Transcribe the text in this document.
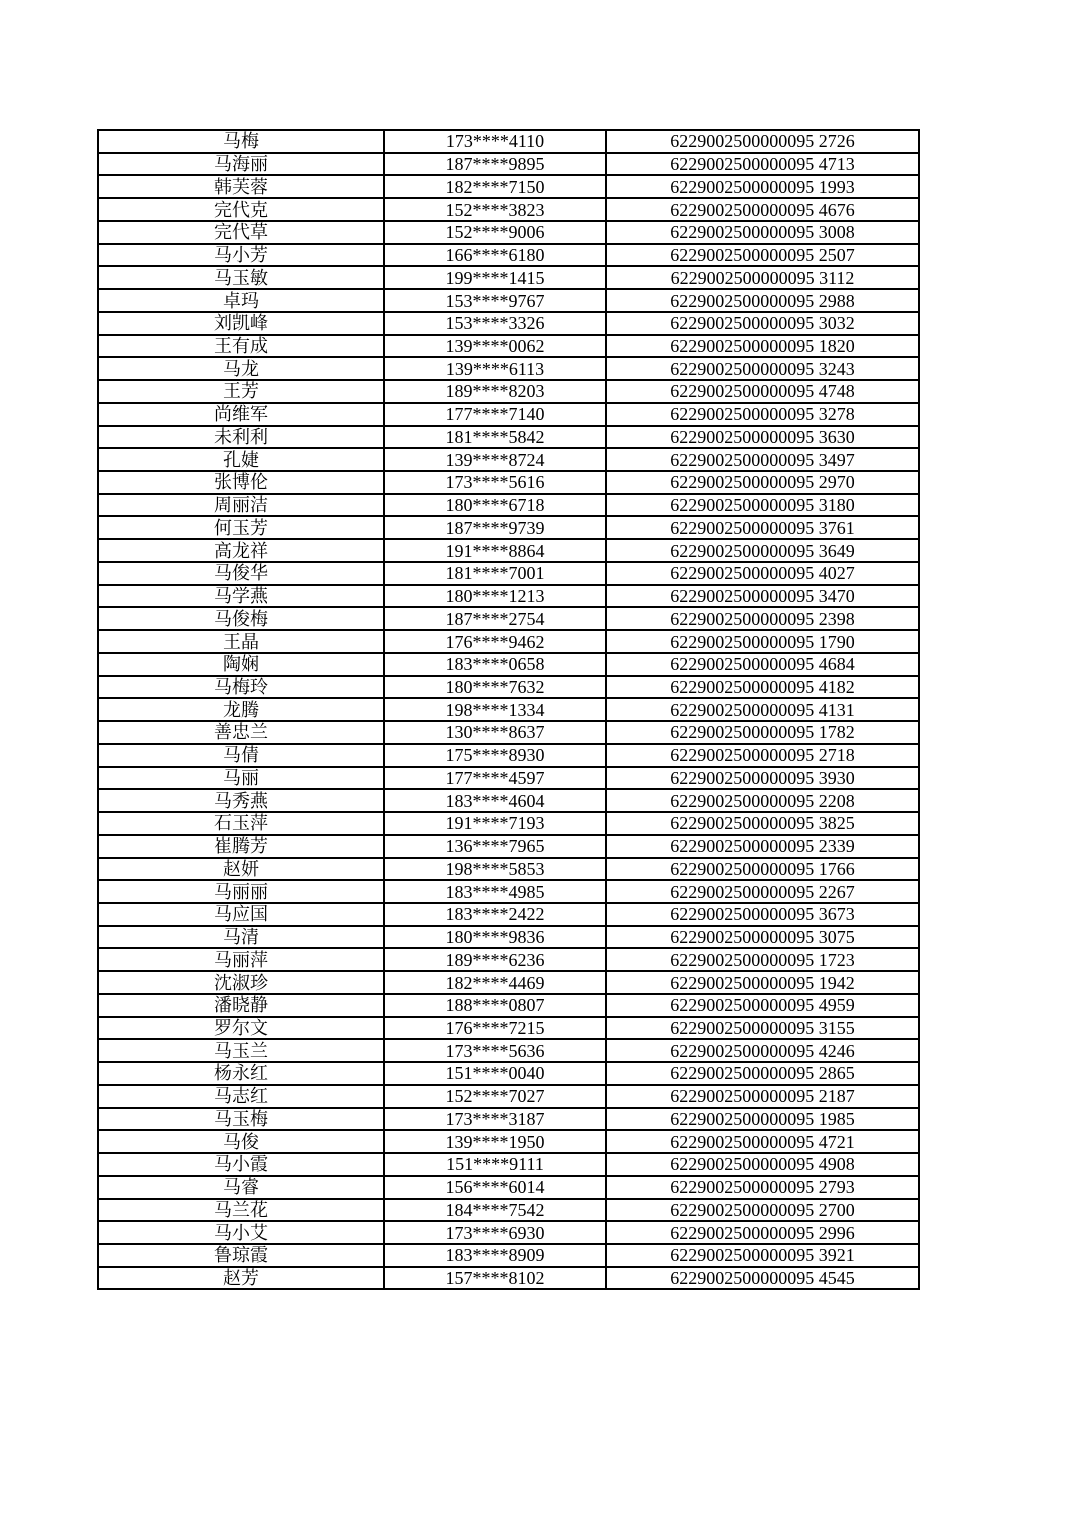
马梅	173****4110	6229002500000095 2726
马海丽	187****9895	6229002500000095 4713
韩芙蓉	182****7150	6229002500000095 1993
完代克	152****3823	6229002500000095 4676
完代草	152****9006	6229002500000095 3008
马小芳	166****6180	6229002500000095 2507
马玉敏	199****1415	6229002500000095 3112
卓玛	153****9767	6229002500000095 2988
刘凯峰	153****3326	6229002500000095 3032
王有成	139****0062	6229002500000095 1820
马龙	139****6113	6229002500000095 3243
王芳	189****8203	6229002500000095 4748
尚维军	177****7140	6229002500000095 3278
未利利	181****5842	6229002500000095 3630
孔婕	139****8724	6229002500000095 3497
张博伦	173****5616	6229002500000095 2970
周丽洁	180****6718	6229002500000095 3180
何玉芳	187****9739	6229002500000095 3761
高龙祥	191****8864	6229002500000095 3649
马俊华	181****7001	6229002500000095 4027
马学燕	180****1213	6229002500000095 3470
马俊梅	187****2754	6229002500000095 2398
王晶	176****9462	6229002500000095 1790
陶娴	183****0658	6229002500000095 4684
马梅玲	180****7632	6229002500000095 4182
龙腾	198****1334	6229002500000095 4131
善忠兰	130****8637	6229002500000095 1782
马倩	175****8930	6229002500000095 2718
马丽	177****4597	6229002500000095 3930
马秀燕	183****4604	6229002500000095 2208
石玉萍	191****7193	6229002500000095 3825
崔腾芳	136****7965	6229002500000095 2339
赵妍	198****5853	6229002500000095 1766
马丽丽	183****4985	6229002500000095 2267
马应国	183****2422	6229002500000095 3673
马清	180****9836	6229002500000095 3075
马丽萍	189****6236	6229002500000095 1723
沈淑珍	182****4469	6229002500000095 1942
潘晓静	188****0807	6229002500000095 4959
罗尔文	176****7215	6229002500000095 3155
马玉兰	173****5636	6229002500000095 4246
杨永红	151****0040	6229002500000095 2865
马志红	152****7027	6229002500000095 2187
马玉梅	173****3187	6229002500000095 1985
马俊	139****1950	6229002500000095 4721
马小霞	151****9111	6229002500000095 4908
马睿	156****6014	6229002500000095 2793
马兰花	184****7542	6229002500000095 2700
马小艾	173****6930	6229002500000095 2996
鲁琼霞	183****8909	6229002500000095 3921
赵芳	157****8102	6229002500000095 4545
